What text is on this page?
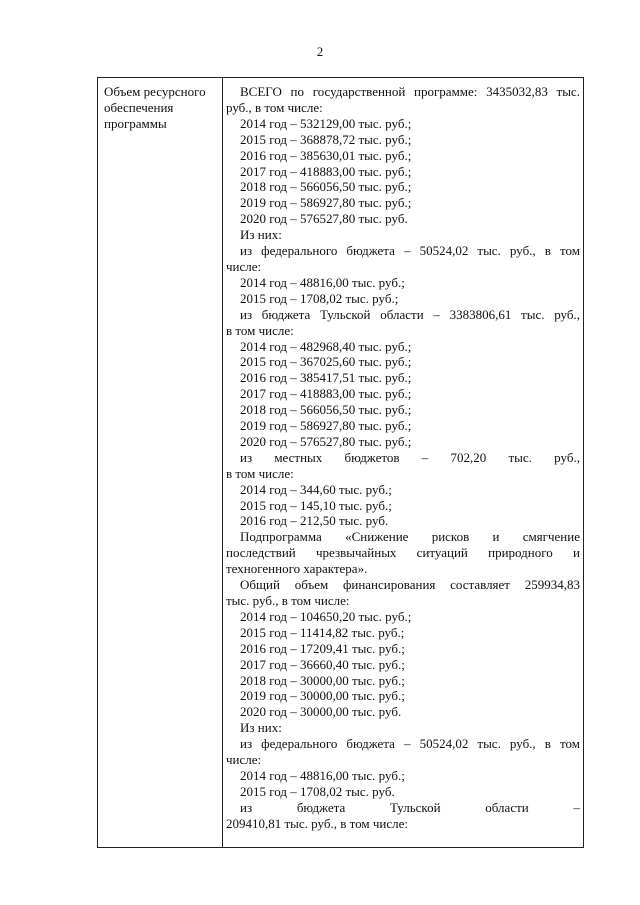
2
Объем ресурсного
обеспечения
программы
ВСЕГО по государственной программе: 3435032,83 тыс.
руб., в том числе:
2014 год – 532129,00 тыс. руб.;
2015 год – 368878,72 тыс. руб.;
2016 год – 385630,01 тыс. руб.;
2017 год – 418883,00 тыс. руб.;
2018 год – 566056,50 тыс. руб.;
2019 год – 586927,80 тыс. руб.;
2020 год – 576527,80 тыс. руб.
Из них:
из федерального бюджета – 50524,02 тыс. руб., в том
числе:
2014 год – 48816,00 тыс. руб.;
2015 год – 1708,02 тыс. руб.;
из бюджета Тульской области – 3383806,61 тыс. руб.,
в том числе:
2014 год – 482968,40 тыс. руб.;
2015 год – 367025,60 тыс. руб.;
2016 год – 385417,51 тыс. руб.;
2017 год – 418883,00 тыс. руб.;
2018 год – 566056,50 тыс. руб.;
2019 год – 586927,80 тыс. руб.;
2020 год – 576527,80 тыс. руб.;
из местных бюджетов – 702,20 тыс. руб.,
в том числе:
2014 год – 344,60 тыс. руб.;
2015 год – 145,10 тыс. руб.;
2016 год – 212,50 тыс. руб.
Подпрограмма «Снижение рисков и смягчение
последствий чрезвычайных ситуаций природного и
техногенного характера».
Общий объем финансирования составляет 259934,83
тыс. руб., в том числе:
2014 год – 104650,20 тыс. руб.;
2015 год – 11414,82 тыс. руб.;
2016 год – 17209,41 тыс. руб.;
2017 год – 36660,40 тыс. руб.;
2018 год – 30000,00 тыс. руб.;
2019 год – 30000,00 тыс. руб.;
2020 год – 30000,00 тыс. руб.
Из них:
из федерального бюджета – 50524,02 тыс. руб., в том
числе:
2014 год – 48816,00 тыс. руб.;
2015 год – 1708,02 тыс. руб.
из	бюджета	Тульской	области	–
209410,81 тыс. руб., в том числе:
